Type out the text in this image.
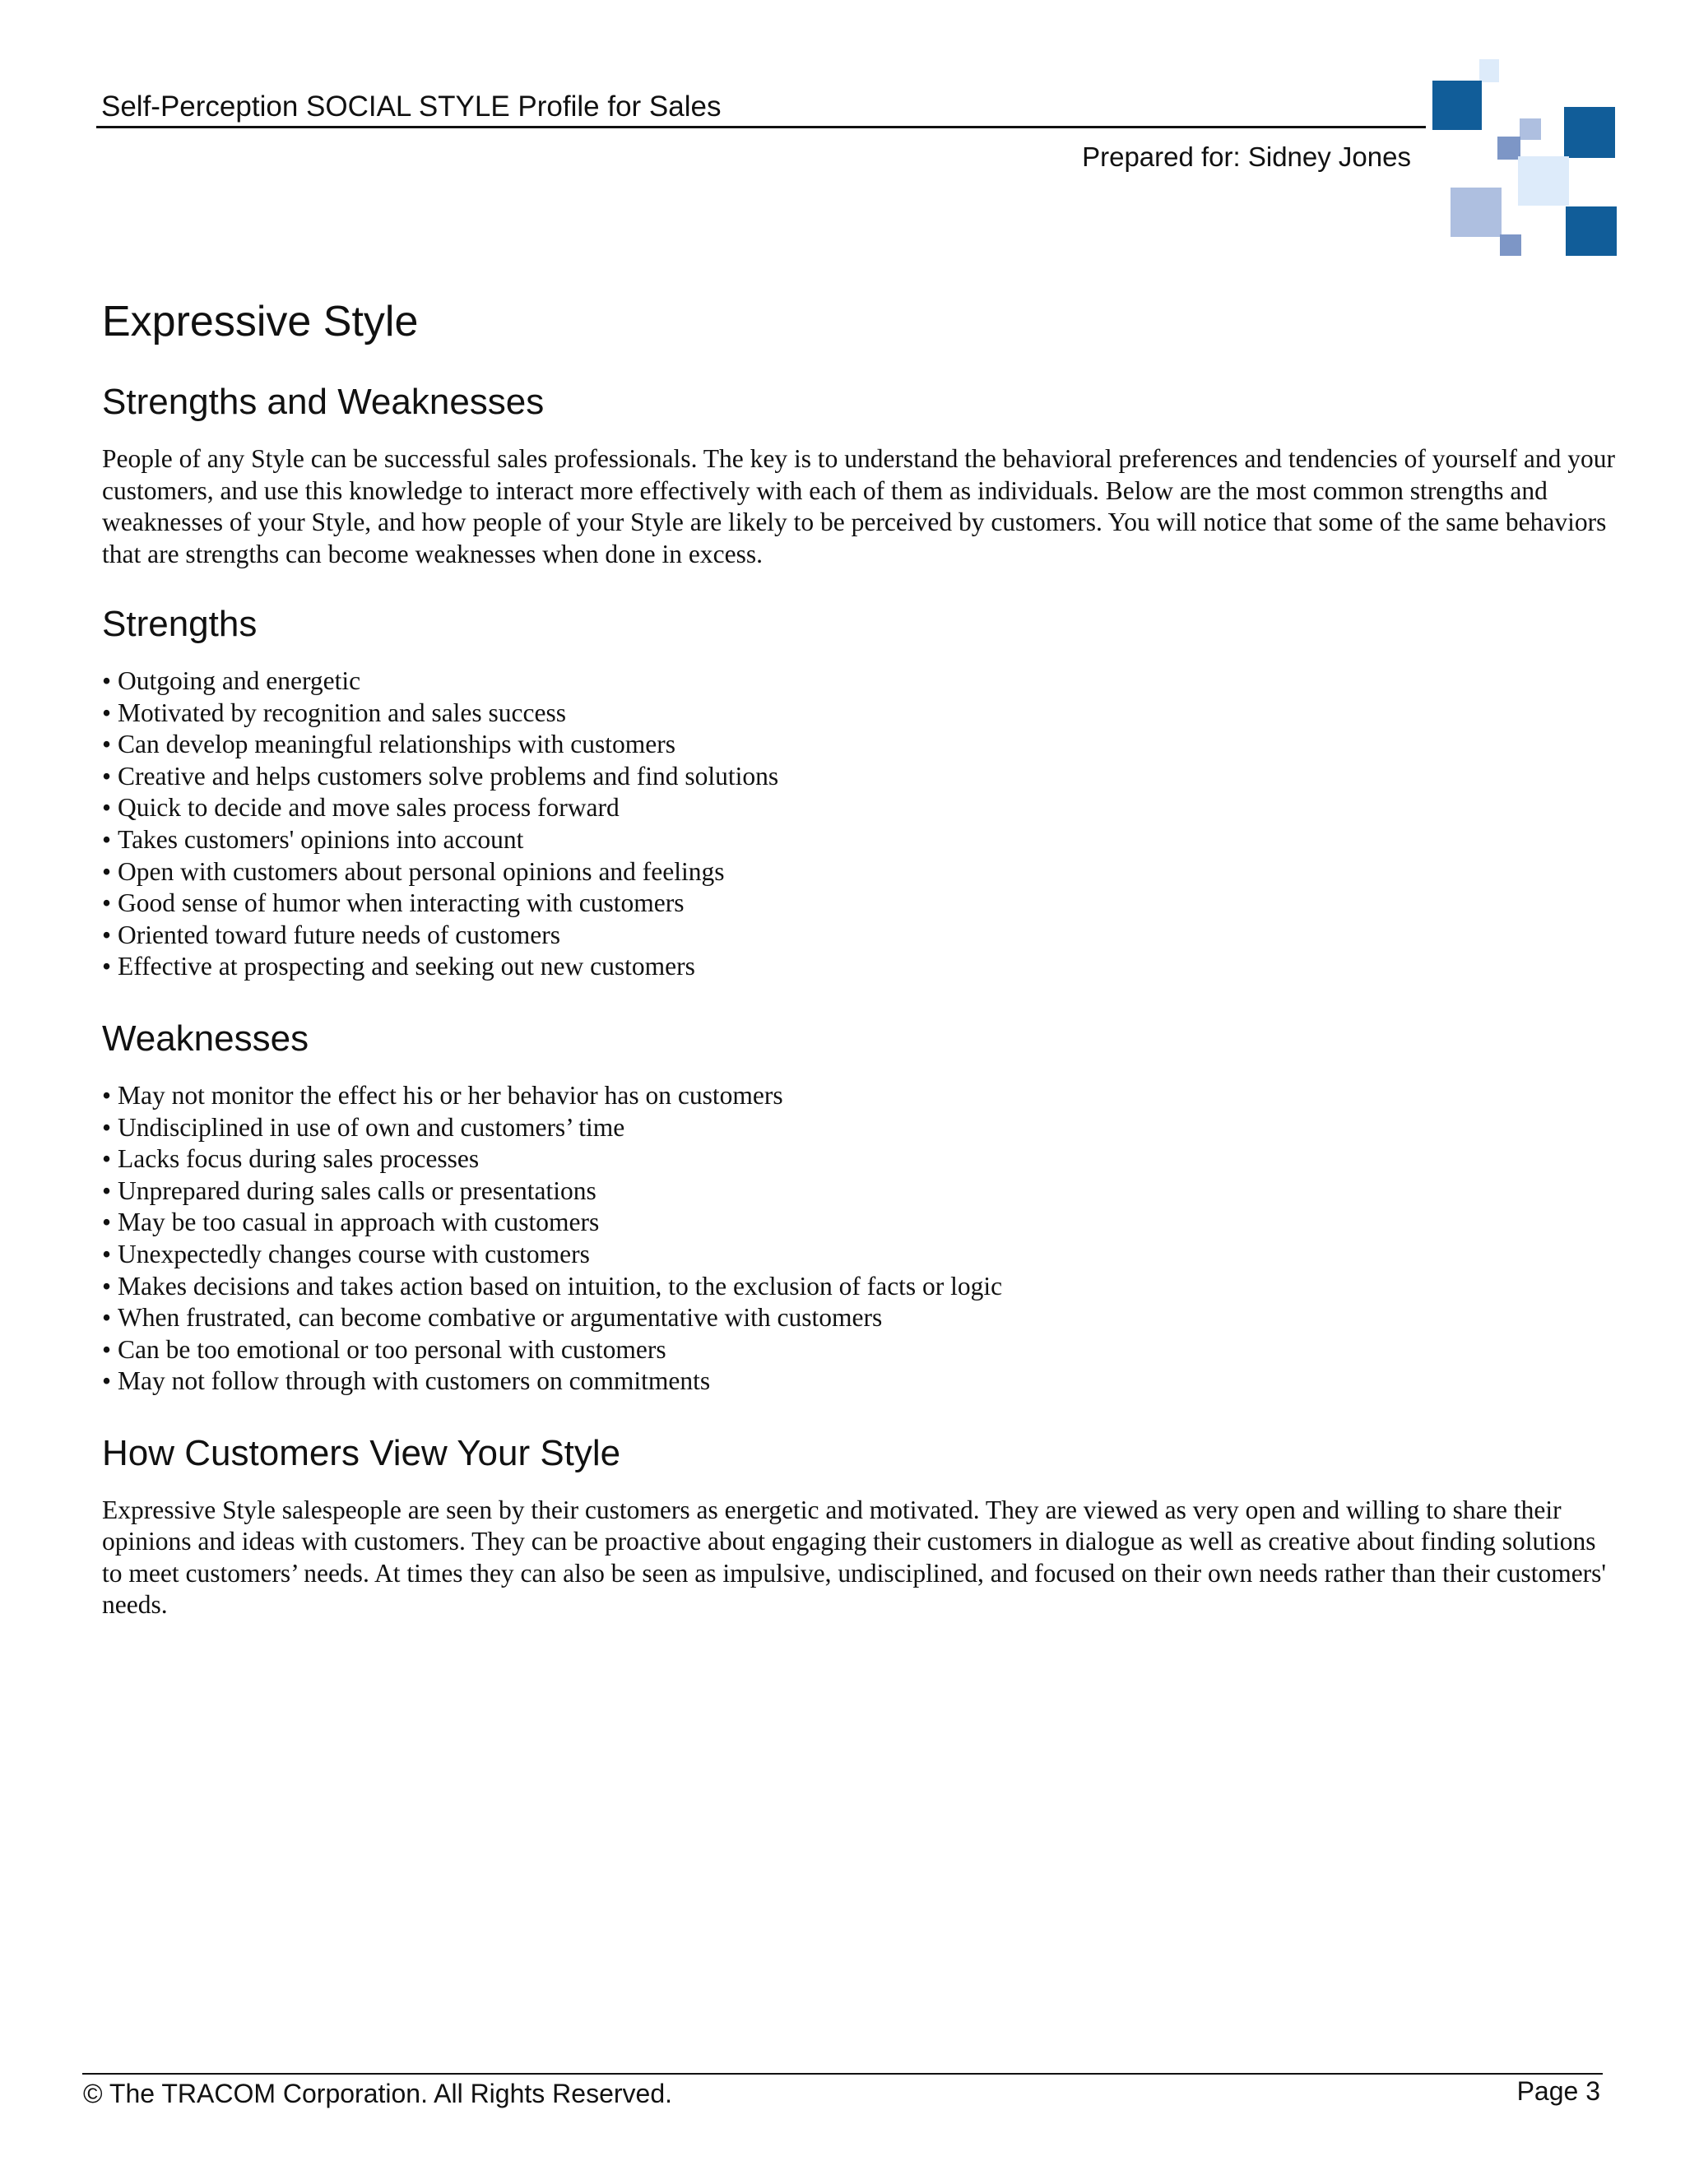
Self-Perception SOCIAL STYLE Profile for Sales
Prepared for: Sidney Jones
Expressive Style
Strengths and Weaknesses

People of any Style can be successful sales professionals. The key is to understand the behavioral preferences and tendencies of yourself and your customers, and use this knowledge to interact more effectively with each of them as individuals. Below are the most common strengths and weaknesses of your Style, and how people of your Style are likely to be perceived by customers. You will notice that some of the same behaviors that are strengths can become weaknesses when done in excess.

Strengths
• Outgoing and energetic
• Motivated by recognition and sales success
• Can develop meaningful relationships with customers
• Creative and helps customers solve problems and find solutions
• Quick to decide and move sales process forward
• Takes customers' opinions into account
• Open with customers about personal opinions and feelings
• Good sense of humor when interacting with customers
• Oriented toward future needs of customers
• Effective at prospecting and seeking out new customers
Weaknesses
• May not monitor the effect his or her behavior has on customers
• Undisciplined in use of own and customers’ time
• Lacks focus during sales processes
• Unprepared during sales calls or presentations
• May be too casual in approach with customers
• Unexpectedly changes course with customers
• Makes decisions and takes action based on intuition, to the exclusion of facts or logic
• When frustrated, can become combative or argumentative with customers
• Can be too emotional or too personal with customers
• May not follow through with customers on commitments
How Customers View Your Style

Expressive Style salespeople are seen by their customers as energetic and motivated. They are viewed as very open and willing to share their opinions and ideas with customers. They can be proactive about engaging their customers in dialogue as well as creative about finding solutions to meet customers’ needs. At times they can also be seen as impulsive, undisciplined, and focused on their own needs rather than their customers' needs.

© The TRACOM Corporation. All Rights Reserved.	Page 3
